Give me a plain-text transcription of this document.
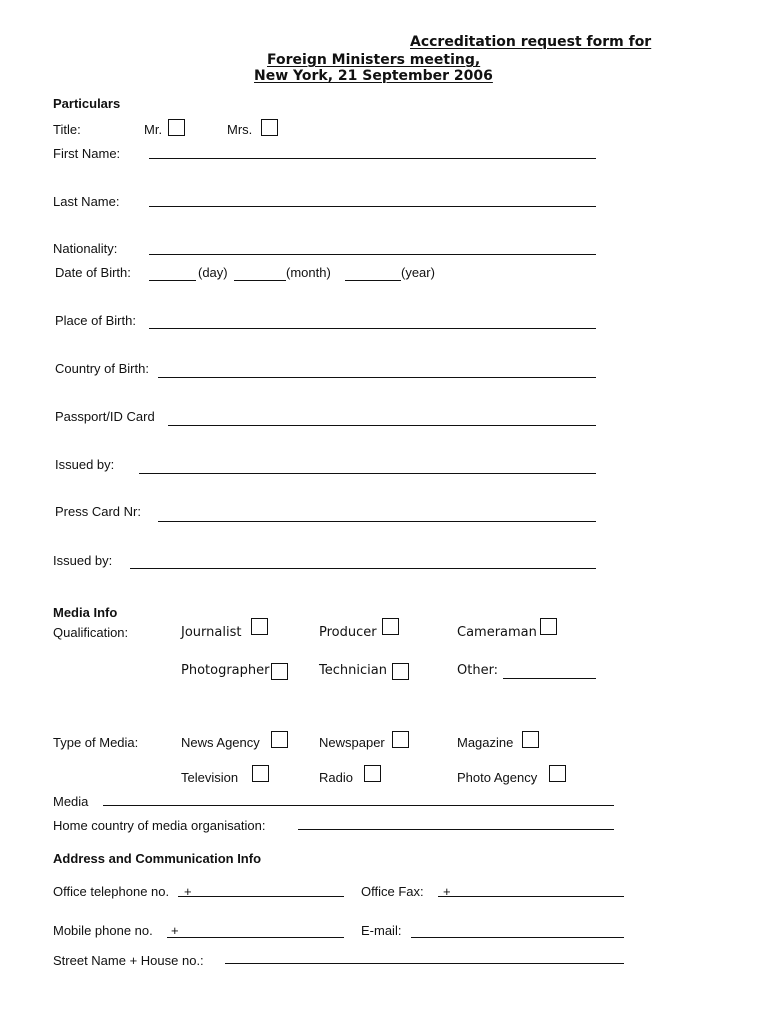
Accreditation request form for
Foreign Ministers meeting,
New York, 21 September 2006
Particulars
Title:	Mr.	Mrs.
First Name:
Last Name:
Nationality:
Date of Birth:	(day)	(month)	(year)
Place of Birth:
Country of Birth:
Passport/ID Card
Issued by:
Press Card Nr:
Issued by:
Media Info
Qualification:	Journalist	Producer	Cameraman
Photographer	Technician	Other:
Type of Media:	News Agency	Newspaper	Magazine
Television	Radio	Photo Agency
Media
Home country of media organisation:
Address and Communication Info
Office telephone no. +	Office Fax: +
Mobile phone no. +	E-mail:
Street Name + House no.:
